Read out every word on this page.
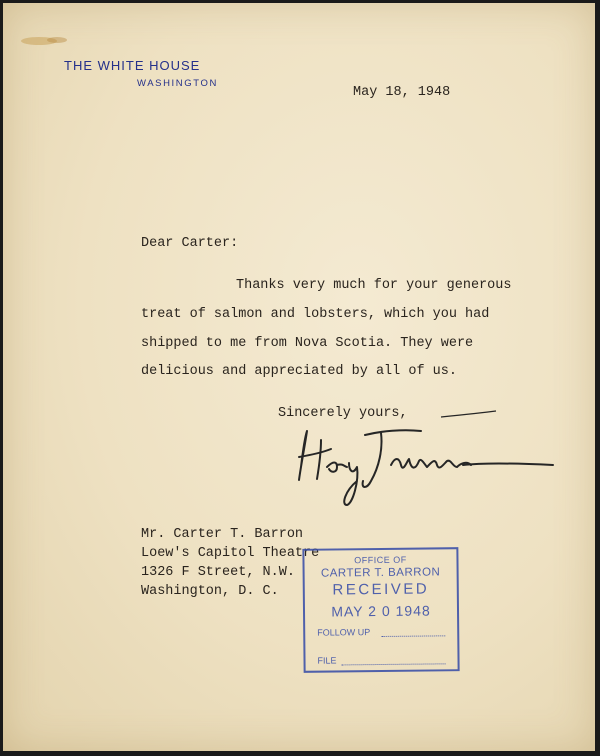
THE WHITE HOUSE
WASHINGTON
May 18, 1948
Dear Carter:
Thanks very much for your generous
treat of salmon and lobsters, which you had
shipped to me from Nova Scotia. They were
delicious and appreciated by all of us.
Sincerely yours,
Mr. Carter T. Barron
Loew's Capitol Theatre
1326 F Street, N.W.
Washington, D. C.
OFFICE OF
CARTER T. BARRON
RECEIVED
MAY 2 0 1948
FOLLOW UP
FILE
